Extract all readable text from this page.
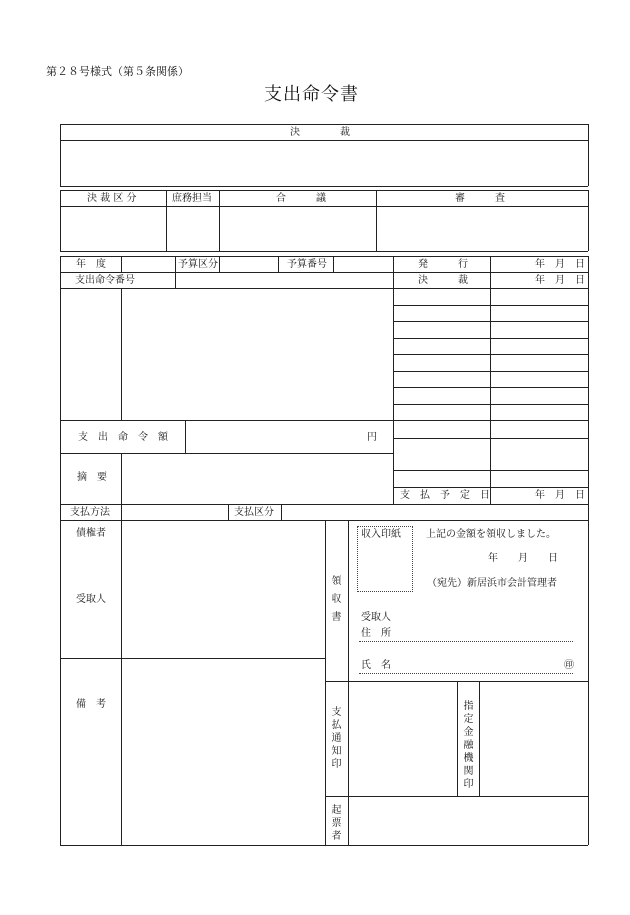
第２８号様式（第５条関係）
支出命令書
決　　　　裁
決 裁 区 分	庶務担当	合　　　議	審　　　査
年　度	予算区分	予算番号	発　　　行	年　月　日
支出命令番号	決　　　裁	年　月　日
支　出　命　令　額	円
摘　要
支　払　予　定　日	年　月　日
支払方法	支払区分
債権者
受取人
備　考
領収書
収入印紙	上記の金額を領収しました。
年　　月　　日
（宛先）新居浜市会計管理者
受取人
住　所
氏　名	㊞
支払通知印
指定金融機関印
起票者
